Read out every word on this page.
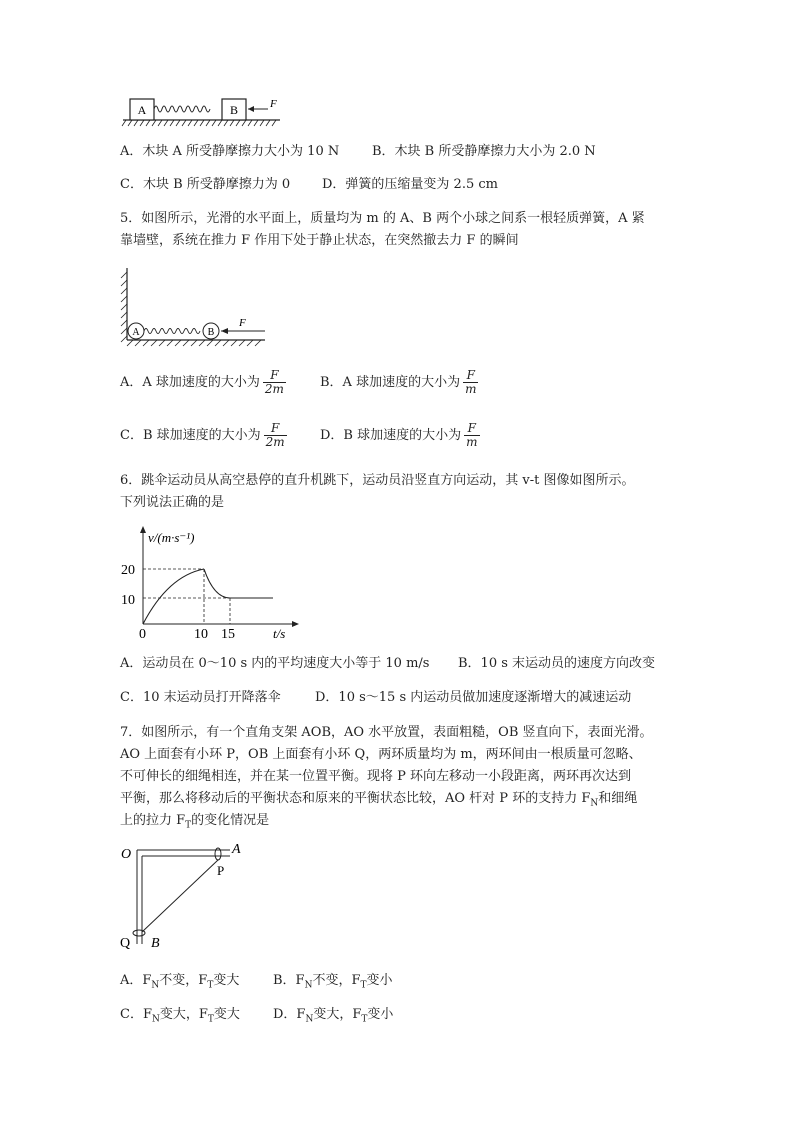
A	B	F
A．木块 A 所受静摩擦力大小为 10 N	B．木块 B 所受静摩擦力大小为 2.0 N
C．木块 B 所受静摩擦力为 0 D．弹簧的压缩量变为 2.5 cm
5．如图所示，光滑的水平面上，质量均为 m 的 A、B 两个小球之间系一根轻质弹簧，A 紧
靠墙壁，系统在推力 F 作用下处于静止状态，在突然撤去力 F 的瞬间
A	B
F
A．A 球加速度的大小为 $\frac{F}{2m}$	B．A 球加速度的大小为 $\frac{F}{m}$
C．B 球加速度的大小为 $\frac{F}{2m}$	D．B 球加速度的大小为 $\frac{F}{m}$
6．跳伞运动员从高空悬停的直升机跳下，运动员沿竖直方向运动，其 v-t 图像如图所示。
下列说法正确的是
v/(m·s⁻¹)
t/s
20
10
0	10 15
A．运动员在 0～10 s 内的平均速度大小等于 10 m/s B．10 s 末运动员的速度方向改变
C．10 末运动员打开降落伞	D．10 s～15 s 内运动员做加速度逐渐增大的减速运动
7．如图所示，有一个直角支架 AOB，AO 水平放置，表面粗糙，OB 竖直向下，表面光滑。
AO 上面套有小环 P，OB 上面套有小环 Q，两环质量均为 m，两环间由一根质量可忽略、
不可伸长的细绳相连，并在某一位置平衡。现将 P 环向左移动一小段距离，两环再次达到
平衡，那么将移动后的平衡状态和原来的平衡状态比较，AO 杆对 P 环的支持力 $F_N$和细绳
上的拉力 $F_T$的变化情况是
O	A
P
Q B
A．$F_N$不变，$F_T$变大	B．$F_N$不变，$F_T$变小
C．$F_N$变大，$F_T$变大	D．$F_N$变大，$F_T$变小
